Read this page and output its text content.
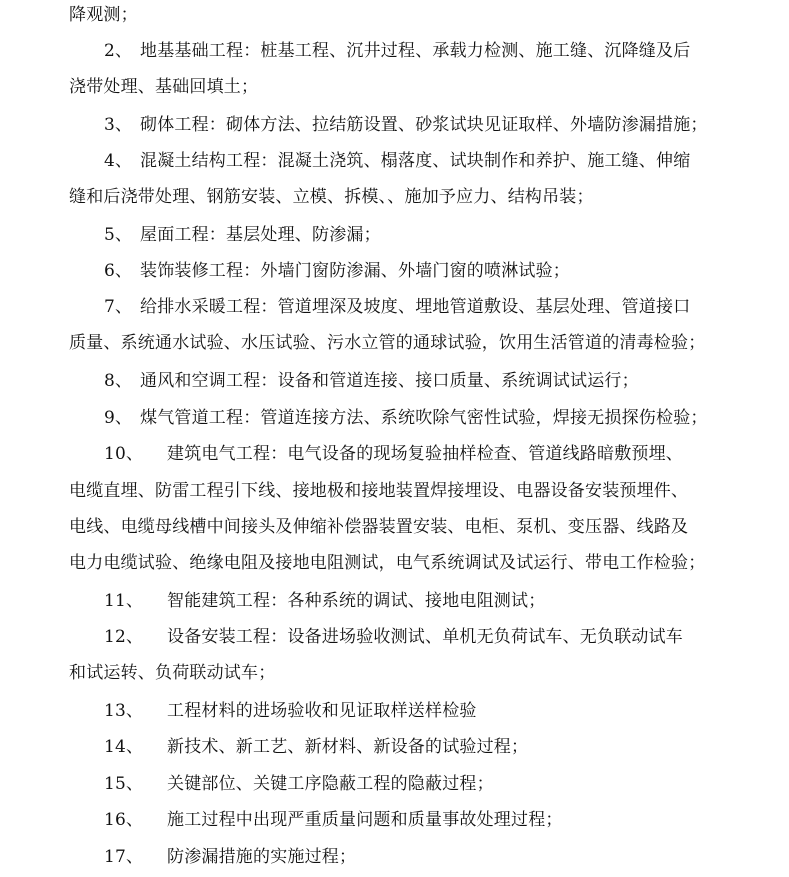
降观测；
2、 地基基础工程：桩基工程、沉井过程、承载力检测、施工缝、沉降缝及后
浇带处理、基础回填土；
3、 砌体工程：砌体方法、拉结筋设置、砂浆试块见证取样、外墙防渗漏措施；
4、 混凝土结构工程：混凝土浇筑、榻落度、试块制作和养护、施工缝、伸缩
缝和后浇带处理、钢筋安装、立模、拆模、、施加予应力、结构吊装；
5、 屋面工程：基层处理、防渗漏；
6、 装饰装修工程：外墙门窗防渗漏、外墙门窗的喷淋试验；
7、 给排水采暖工程：管道埋深及坡度、埋地管道敷设、基层处理、管道接口
质量、系统通水试验、水压试验、污水立管的通球试验，饮用生活管道的清毒检验；
8、 通风和空调工程：设备和管道连接、接口质量、系统调试试运行；
9、 煤气管道工程：管道连接方法、系统吹除气密性试验，焊接无损探伤检验；
10、 建筑电气工程：电气设备的现场复验抽样检查、管道线路暗敷预埋、
电缆直埋、防雷工程引下线、接地极和接地装置焊接埋设、电器设备安装预埋件、
电线、电缆母线槽中间接头及伸缩补偿器装置安装、电柜、泵机、变压器、线路及
电力电缆试验、绝缘电阻及接地电阻测试，电气系统调试及试运行、带电工作检验；
11、 智能建筑工程：各种系统的调试、接地电阻测试；
12、 设备安装工程：设备进场验收测试、单机无负荷试车、无负联动试车
和试运转、负荷联动试车；
13、 工程材料的进场验收和见证取样送样检验
14、 新技术、新工艺、新材料、新设备的试验过程；
15、 关键部位、关键工序隐蔽工程的隐蔽过程；
16、 施工过程中出现严重质量问题和质量事故处理过程；
17、 防渗漏措施的实施过程；
